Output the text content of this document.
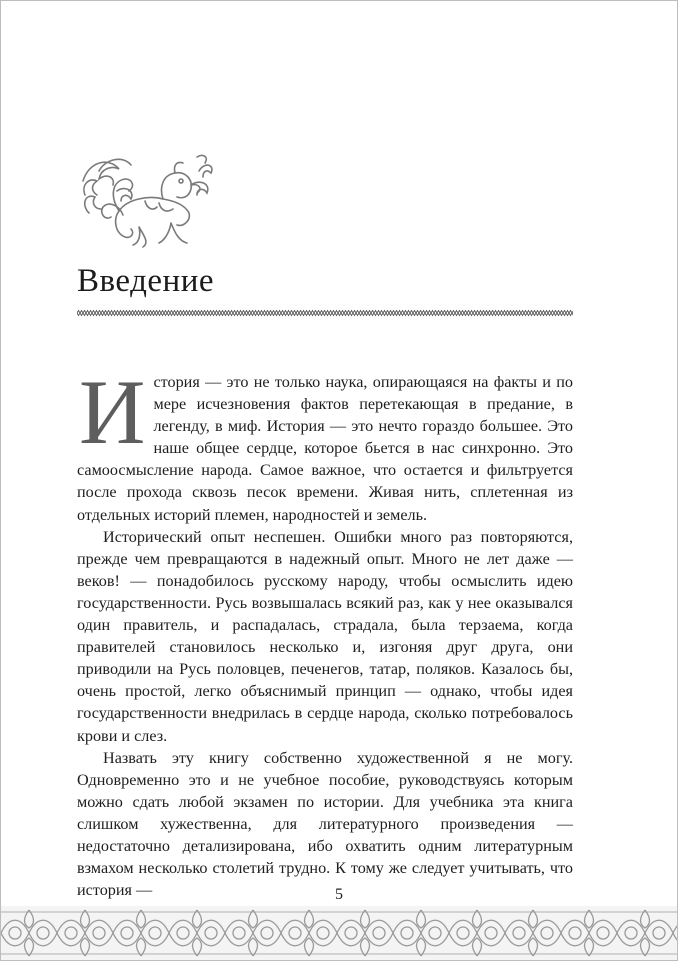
Введение

История — это не только наука, опирающаяся на факты и по мере исчезновения фактов перетекающая в предание, в легенду, в миф. История — это нечто гораздо большее. Это наше общее сердце, которое бьется в нас синхронно. Это самоосмысление народа. Самое важное, что остается и фильтруется после прохода сквозь песок времени. Живая нить, сплетенная из отдельных историй племен, народностей и земель.

Исторический опыт неспешен. Ошибки много раз повторяются, прежде чем превращаются в надежный опыт. Много не лет даже — веков! — понадобилось русскому народу, чтобы осмыслить идею государственности. Русь возвышалась всякий раз, как у нее оказывался один правитель, и распадалась, страдала, была терзаема, когда правителей становилось несколько и, изгоняя друг друга, они приводили на Русь половцев, печенегов, татар, поляков. Казалось бы, очень простой, легко объяснимый принцип — однако, чтобы идея государственности внедрилась в сердце народа, сколько потребовалось крови и слез.

Назвать эту книгу собственно художественной я не могу. Одновременно это и не учебное пособие, руководствуясь которым можно сдать любой экзамен по истории. Для учебника эта книга слишком хужественна, для литературного произведения —недостаточно детализирована, ибо охватить одним литературным взмахом несколько столетий трудно. К тому же следует учитывать, что история —	5
